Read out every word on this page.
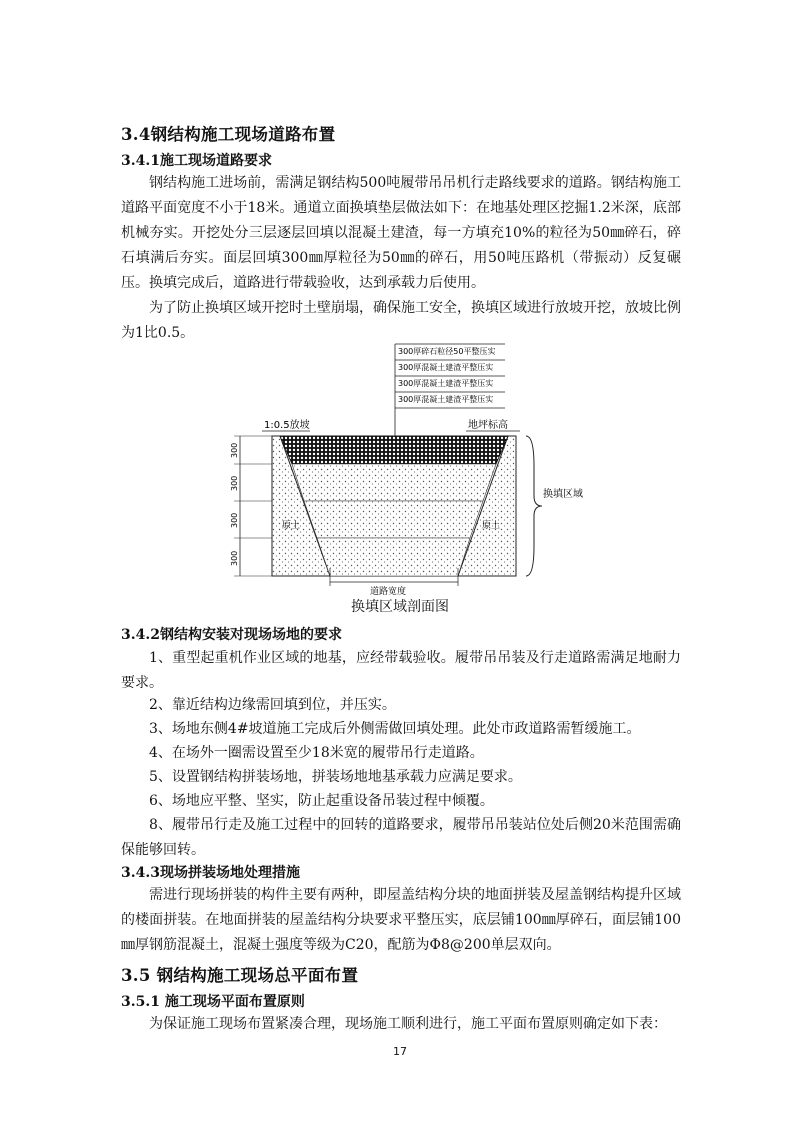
3.4钢结构施工现场道路布置
3.4.1施工现场道路要求

钢结构施工进场前，需满足钢结构500吨履带吊吊机行走路线要求的道路。钢结构施工道路平面宽度不小于18米。通道立面换填垫层做法如下：在地基处理区挖掘1.2米深，底部机械夯实。开挖处分三层逐层回填以混凝土建渣，每一方填充10%的粒径为50㎜碎石，碎石填满后夯实。面层回填300㎜厚粒径为50㎜的碎石，用50吨压路机（带振动）反复碾压。换填完成后，道路进行带载验收，达到承载力后使用。

为了防止换填区域开挖时土壁崩塌，确保施工安全，换填区域进行放坡开挖，放坡比例为1比0.5。

300厚碎石粒径50平整压实
300厚混凝土建渣平整压实
300厚混凝土建渣平整压实
300厚混凝土建渣平整压实
1:0.5放坡	地坪标高
300
300
300
300
原土	原土
换填区域
道路宽度
换填区域剖面图
3.4.2钢结构安装对现场场地的要求

1、重型起重机作业区域的地基，应经带载验收。履带吊吊装及行走道路需满足地耐力要求。

2、靠近结构边缘需回填到位，并压实。

3、场地东侧4#坡道施工完成后外侧需做回填处理。此处市政道路需暂缓施工。

4、在场外一圈需设置至少18米宽的履带吊行走道路。

5、设置钢结构拼装场地，拼装场地地基承载力应满足要求。

6、场地应平整、坚实，防止起重设备吊装过程中倾覆。

8、履带吊行走及施工过程中的回转的道路要求，履带吊吊装站位处后侧20米范围需确保能够回转。

3.4.3现场拼装场地处理措施

需进行现场拼装的构件主要有两种，即屋盖结构分块的地面拼装及屋盖钢结构提升区域的楼面拼装。在地面拼装的屋盖结构分块要求平整压实，底层铺100㎜厚碎石，面层铺100㎜厚钢筋混凝土，混凝土强度等级为C20，配筋为Φ8@200单层双向。

3.5 钢结构施工现场总平面布置
3.5.1 施工现场平面布置原则

为保证施工现场布置紧凑合理，现场施工顺利进行，施工平面布置原则确定如下表：

17
